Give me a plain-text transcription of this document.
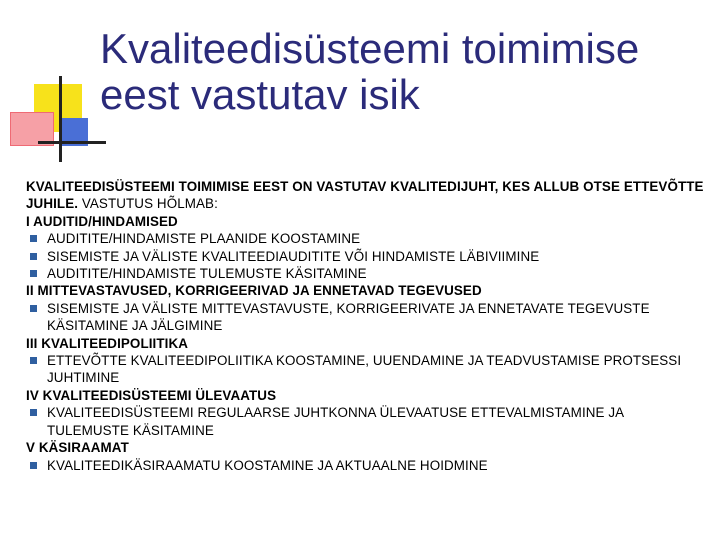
Kvaliteedisüsteemi toimimise
eest vastutav isik

KVALITEEDISÜSTEEMI TOIMIMISE EEST ON VASTUTAV KVALITEDIJUHT, KES ALLUB OTSE ETTEVÕTTE JUHILE. VASTUTUS HÕLMAB:

I AUDITID/HINDAMISED

AUDITITE/HINDAMISTE PLAANIDE KOOSTAMINE
SISEMISTE JA VÄLISTE KVALITEEDIAUDITITE VÕI HINDAMISTE LÄBIVIIMINE
AUDITITE/HINDAMISTE TULEMUSTE KÄSITAMINE

II MITTEVASTAVUSED, KORRIGEERIVAD JA ENNETAVAD TEGEVUSED

SISEMISTE JA VÄLISTE MITTEVASTAVUSTE, KORRIGEERIVATE JA ENNETAVATE TEGEVUSTE KÄSITAMINE JA JÄLGIMINE

III KVALITEEDIPOLIITIKA

ETTEVÕTTE KVALITEEDIPOLIITIKA KOOSTAMINE, UUENDAMINE JA TEADVUSTAMISE PROTSESSI JUHTIMINE

IV KVALITEEDISÜSTEEMI ÜLEVAATUS

KVALITEEDISÜSTEEMI REGULAARSE JUHTKONNA ÜLEVAATUSE ETTEVALMISTAMINE JA TULEMUSTE KÄSITAMINE

V KÄSIRAAMAT

KVALITEEDIKÄSIRAAMATU KOOSTAMINE JA AKTUAALNE HOIDMINE
